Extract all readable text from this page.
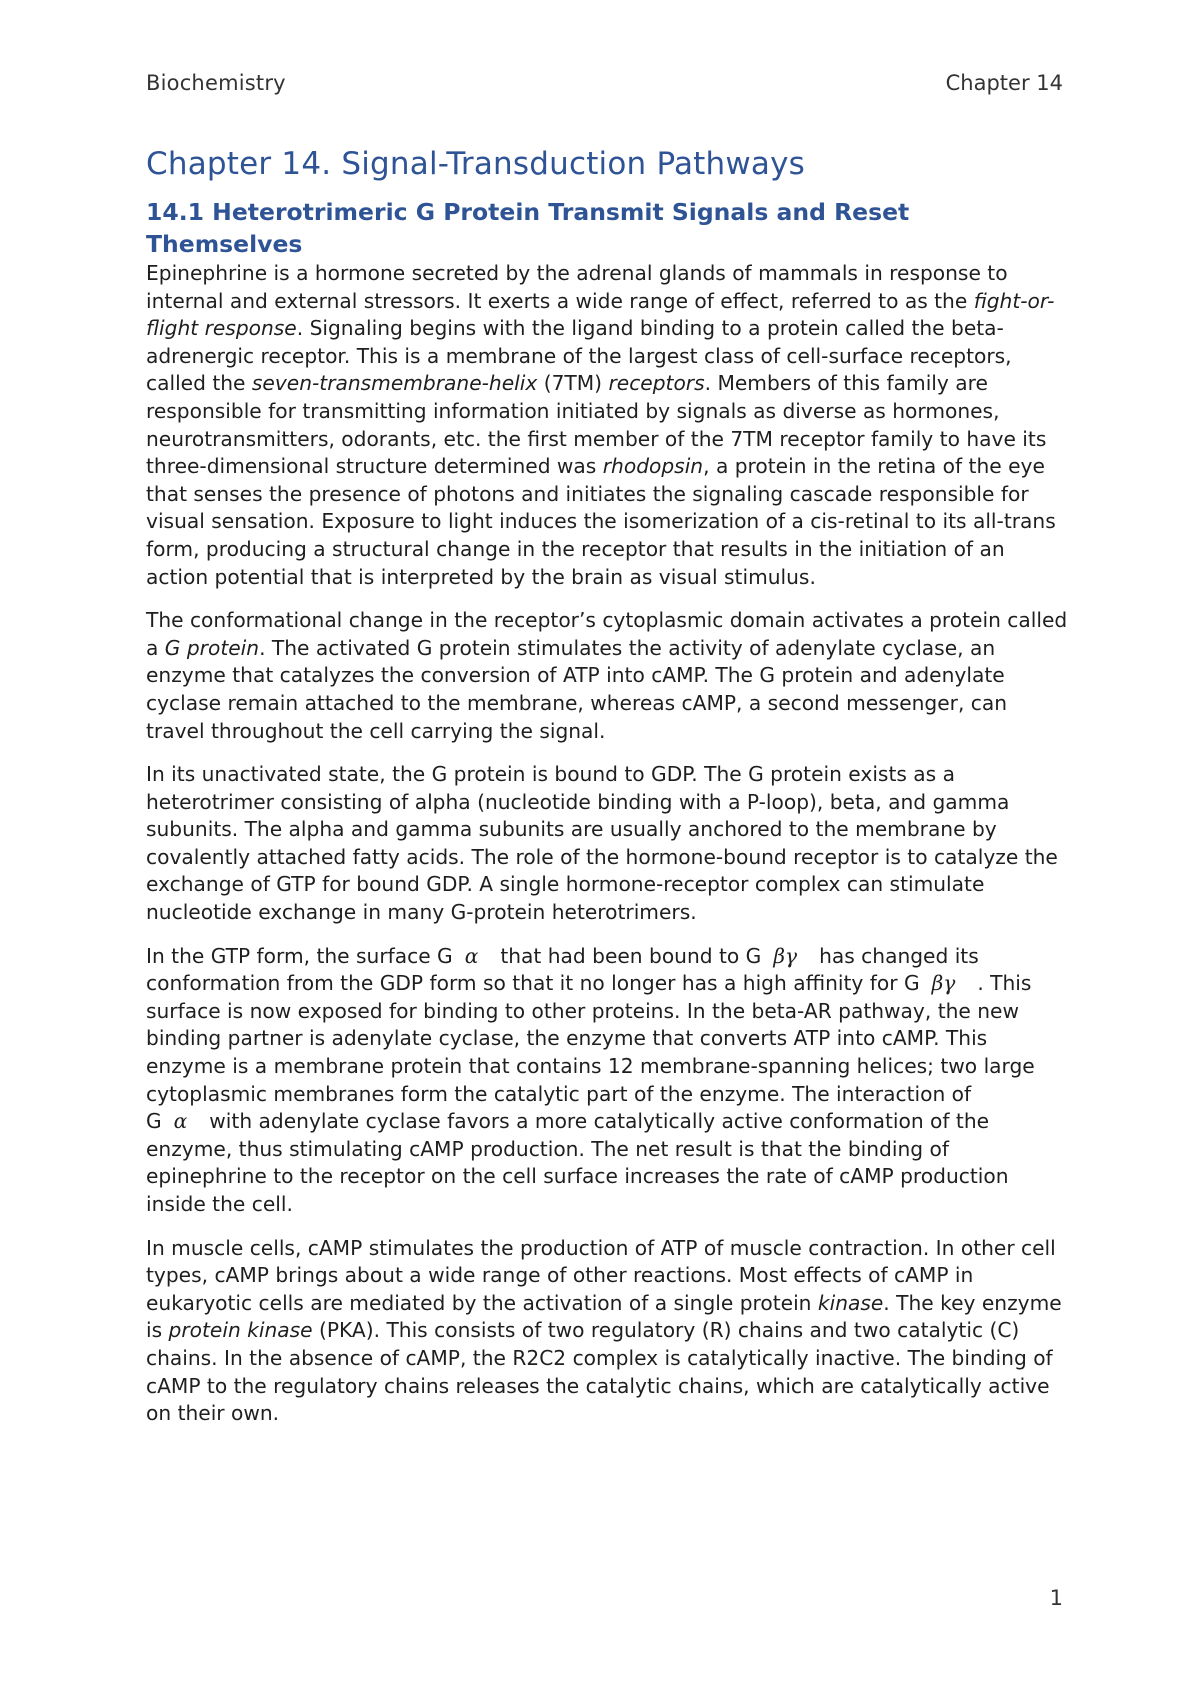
Biochemistry	Chapter 14
Chapter 14. Signal-Transduction Pathways
14.1 Heterotrimeric G Protein Transmit Signals and Reset Themselves

Epinephrine is a hormone secreted by the adrenal glands of mammals in response to internal and external stressors. It exerts a wide range of effect, referred to as the fight-or-flight response. Signaling begins with the ligand binding to a protein called the beta-adrenergic receptor. This is a membrane of the largest class of cell-surface receptors, called the seven-transmembrane-helix (7TM) receptors. Members of this family are responsible for transmitting information initiated by signals as diverse as hormones, neurotransmitters, odorants, etc. the first member of the 7TM receptor family to have its three-dimensional structure determined was rhodopsin, a protein in the retina of the eye that senses the presence of photons and initiates the signaling cascade responsible for visual sensation. Exposure to light induces the isomerization of a cis-retinal to its all-trans form, producing a structural change in the receptor that results in the initiation of an action potential that is interpreted by the brain as visual stimulus.

The conformational change in the receptor’s cytoplasmic domain activates a protein called a G protein. The activated G protein stimulates the activity of adenylate cyclase, an enzyme that catalyzes the conversion of ATP into cAMP. The G protein and adenylate cyclase remain attached to the membrane, whereas cAMP, a second messenger, can travel throughout the cell carrying the signal.

In its unactivated state, the G protein is bound to GDP. The G protein exists as a heterotrimer consisting of alpha (nucleotide binding with a P-loop), beta, and gamma subunits. The alpha and gamma subunits are usually anchored to the membrane by covalently attached fatty acids. The role of the hormone-bound receptor is to catalyze the exchange of GTP for bound GDP. A single hormone-receptor complex can stimulate nucleotide exchange in many G-protein heterotrimers.

In the GTP form, the surface G α that had been bound to G βγ has changed its conformation from the GDP form so that it no longer has a high affinity for G βγ . This surface is now exposed for binding to other proteins. In the beta-AR pathway, the new binding partner is adenylate cyclase, the enzyme that converts ATP into cAMP. This enzyme is a membrane protein that contains 12 membrane-spanning helices; two large cytoplasmic membranes form the catalytic part of the enzyme. The interaction of G α with adenylate cyclase favors a more catalytically active conformation of the enzyme, thus stimulating cAMP production. The net result is that the binding of epinephrine to the receptor on the cell surface increases the rate of cAMP production inside the cell.

In muscle cells, cAMP stimulates the production of ATP of muscle contraction. In other cell types, cAMP brings about a wide range of other reactions. Most effects of cAMP in eukaryotic cells are mediated by the activation of a single protein kinase. The key enzyme is protein kinase (PKA). This consists of two regulatory (R) chains and two catalytic (C) chains. In the absence of cAMP, the R2C2 complex is catalytically inactive. The binding of cAMP to the regulatory chains releases the catalytic chains, which are catalytically active on their own.

1
